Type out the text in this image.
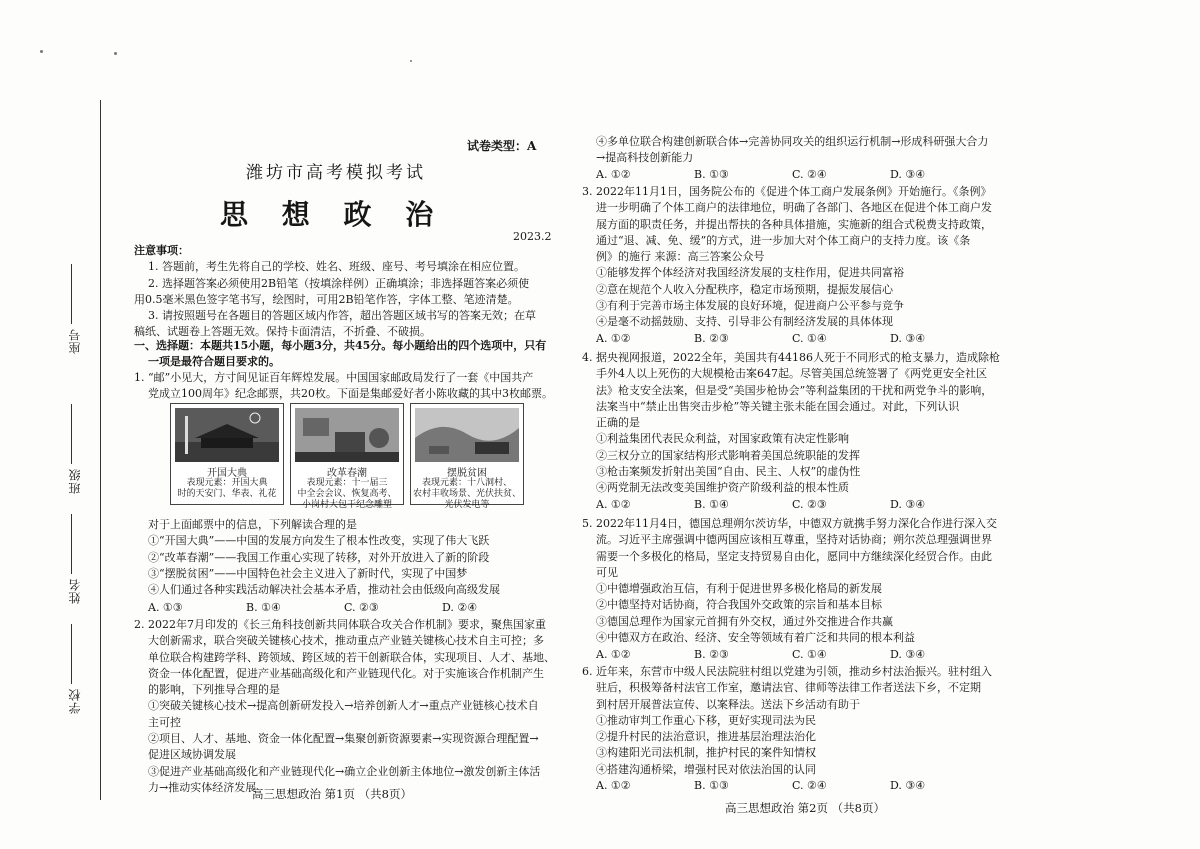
学校
姓名
班级
座号
试卷类型：A
潍坊市高考模拟考试
思 想 政 治
2023.2
注意事项：
1. 答题前，考生先将自己的学校、姓名、班级、座号、考号填涂在相应位置。
2. 选择题答案必须使用2B铅笔（按填涂样例）正确填涂；非选择题答案必须使
用0.5毫米黑色签字笔书写，绘图时，可用2B铅笔作答，字体工整、笔迹清楚。
3. 请按照题号在各题目的答题区域内作答，超出答题区域书写的答案无效；在草
稿纸、试题卷上答题无效。保持卡面清洁，不折叠、不破损。
一、选择题：本题共15小题，每小题3分，共45分。每小题给出的四个选项中，只有
一项是最符合题目要求的。
1. “邮”小见大，方寸间见证百年辉煌发展。中国国家邮政局发行了一套《中国共产
党成立100周年》纪念邮票，共20枚。下面是集邮爱好者小陈收藏的其中3枚邮票。
开国大典
表现元素：开国大典
时的天安门、华表、礼花
改革春潮
表现元素：十一届三
中全会会议、恢复高考、
小岗村大包干纪念雕塑
摆脱贫困
表现元素：十八洞村、
农村丰收场景、光伏扶贫、
光伏发电等
对于上面邮票中的信息，下列解读合理的是
①“开国大典”——中国的发展方向发生了根本性改变，实现了伟大飞跃
②“改革春潮”——我国工作重心实现了转移，对外开放进入了新的阶段
③“摆脱贫困”——中国特色社会主义进入了新时代，实现了中国梦
④人们通过各种实践活动解决社会基本矛盾，推动社会由低级向高级发展
A. ①③	B. ①④	C. ②③	D. ②④
2. 2022年7月印发的《长三角科技创新共同体联合攻关合作机制》要求，聚焦国家重
大创新需求，联合突破关键核心技术，推动重点产业链关键核心技术自主可控；多
单位联合构建跨学科、跨领域、跨区域的若干创新联合体，实现项目、人才、基地、
资金一体化配置，促进产业基础高级化和产业链现代化。对于实施该合作机制产生
的影响，下列推导合理的是
①突破关键核心技术→提高创新研发投入→培养创新人才→重点产业链核心技术自
主可控
②项目、人才、基地、资金一体化配置→集聚创新资源要素→实现资源合理配置→
促进区域协调发展
③促进产业基础高级化和产业链现代化→确立企业创新主体地位→激发创新主体活
力→推动实体经济发展
高三思想政治 第1页 （共8页）
④多单位联合构建创新联合体→完善协同攻关的组织运行机制→形成科研强大合力
→提高科技创新能力
A. ①②	B. ①③	C. ②④	D. ③④
3. 2022年11月1日，国务院公布的《促进个体工商户发展条例》开始施行。《条例》
进一步明确了个体工商户的法律地位，明确了各部门、各地区在促进个体工商户发
展方面的职责任务，并提出帮扶的各种具体措施，实施新的组合式税费支持政策，
通过“退、减、免、缓”的方式，进一步加大对个体工商户的支持力度。该《条
例》的施行 来源：高三答案公众号
①能够发挥个体经济对我国经济发展的支柱作用，促进共同富裕
②意在规范个人收入分配秩序，稳定市场预期，提振发展信心
③有利于完善市场主体发展的良好环境，促进商户公平参与竞争
④是毫不动摇鼓励、支持、引导非公有制经济发展的具体体现
A. ①②	B. ②③	C. ①④	D. ③④
4. 据央视网报道，2022全年，美国共有44186人死于不同形式的枪支暴力，造成除枪
手外4人以上死伤的大规模枪击案647起。尽管美国总统签署了《两党更安全社区
法》枪支安全法案，但是受“美国步枪协会”等利益集团的干扰和两党争斗的影响，
法案当中“禁止出售突击步枪”等关键主张未能在国会通过。对此，下列认识
正确的是
①利益集团代表民众利益，对国家政策有决定性影响
②三权分立的国家结构形式影响着美国总统职能的发挥
③枪击案频发折射出美国“自由、民主、人权”的虚伪性
④两党制无法改变美国维护资产阶级利益的根本性质
A. ①②	B. ①④	C. ②③	D. ③④
5. 2022年11月4日，德国总理朔尔茨访华，中德双方就携手努力深化合作进行深入交
流。习近平主席强调中德两国应该相互尊重，坚持对话协商；朔尔茨总理强调世界
需要一个多极化的格局，坚定支持贸易自由化，愿同中方继续深化经贸合作。由此
可见
①中德增强政治互信，有利于促进世界多极化格局的新发展
②中德坚持对话协商，符合我国外交政策的宗旨和基本目标
③德国总理作为国家元首拥有外交权，通过外交推进合作共赢
④中德双方在政治、经济、安全等领域有着广泛和共同的根本利益
A. ①②	B. ②③	C. ①④	D. ③④
6. 近年来，东营市中级人民法院驻村组以党建为引领，推动乡村法治振兴。驻村组入
驻后，积极筹备村法官工作室，邀请法官、律师等法律工作者送法下乡，不定期
到村居开展普法宣传、以案释法。送法下乡活动有助于
①推动审判工作重心下移，更好实现司法为民
②提升村民的法治意识，推进基层治理法治化
③构建阳光司法机制，推护村民的案件知情权
④搭建沟通桥梁，增强村民对依法治国的认同
A. ①②	B. ①③	C. ②④	D. ③④
高三思想政治 第2页 （共8页）
